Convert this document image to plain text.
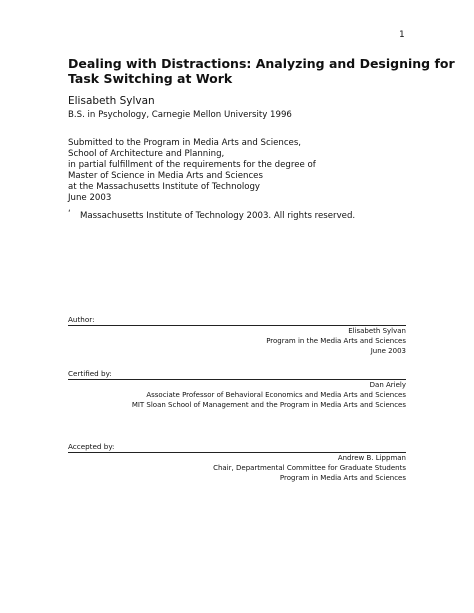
1
Dealing with Distractions: Analyzing and Designing for
Task Switching at Work
Elisabeth Sylvan
B.S. in Psychology, Carnegie Mellon University 1996
Submitted to the Program in Media Arts and Sciences,
School of Architecture and Planning,
in partial fulfillment of the requirements for the degree of
Master of Science in Media Arts and Sciences
at the Massachusetts Institute of Technology
June 2003
‘ Massachusetts Institute of Technology 2003. All rights reserved.
Author:
Elisabeth Sylvan
Program in the Media Arts and Sciences
June 2003
Certified by:
Dan Ariely
Associate Professor of Behavioral Economics and Media Arts and Sciences
MIT Sloan School of Management and the Program in Media Arts and Sciences
Accepted by:
Andrew B. Lippman
Chair, Departmental Committee for Graduate Students
Program in Media Arts and Sciences
